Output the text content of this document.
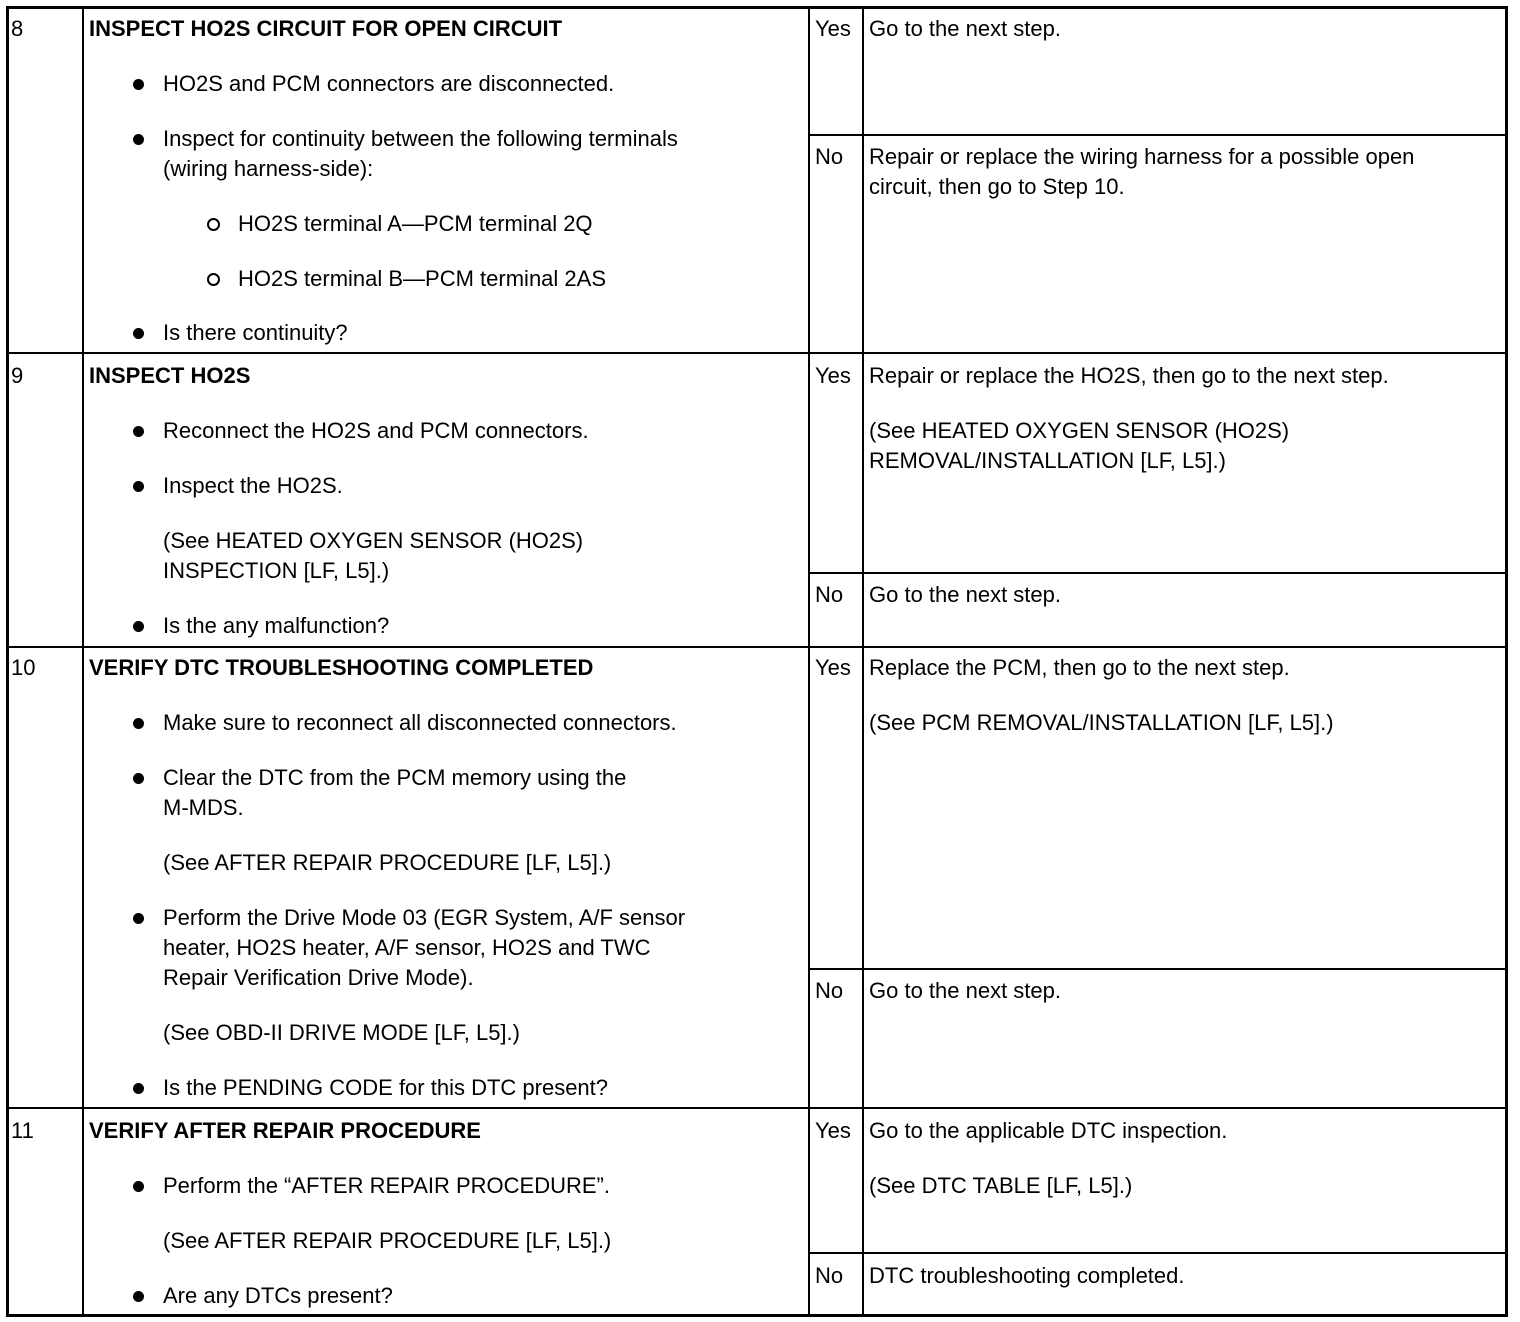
8	INSPECT HO2S CIRCUIT FOR OPEN CIRCUIT
HO2S and PCM connectors are disconnected.
Inspect for continuity between the following terminals
(wiring harness-side):
HO2S terminal A—PCM terminal 2Q
HO2S terminal B—PCM terminal 2AS
Is there continuity?
Yes Go to the next step.
No Repair or replace the wiring harness for a possible open
circuit, then go to Step 10.
9	INSPECT HO2S
Reconnect the HO2S and PCM connectors.
Inspect the HO2S.
(See HEATED OXYGEN SENSOR (HO2S)
INSPECTION [LF, L5].)
Is the any malfunction?
Yes Repair or replace the HO2S, then go to the next step.
(See HEATED OXYGEN SENSOR (HO2S)
REMOVAL/INSTALLATION [LF, L5].)
No Go to the next step.
10 VERIFY DTC TROUBLESHOOTING COMPLETED
Make sure to reconnect all disconnected connectors.
Clear the DTC from the PCM memory using the
M-MDS.
(See AFTER REPAIR PROCEDURE [LF, L5].)
Perform the Drive Mode 03 (EGR System, A/F sensor
heater, HO2S heater, A/F sensor, HO2S and TWC
Repair Verification Drive Mode).
(See OBD-II DRIVE MODE [LF, L5].)
Is the PENDING CODE for this DTC present?
Yes Replace the PCM, then go to the next step.
(See PCM REMOVAL/INSTALLATION [LF, L5].)
No Go to the next step.
11	VERIFY AFTER REPAIR PROCEDURE
Perform the “AFTER REPAIR PROCEDURE”.
(See AFTER REPAIR PROCEDURE [LF, L5].)
Are any DTCs present?
Yes Go to the applicable DTC inspection.
(See DTC TABLE [LF, L5].)
No DTC troubleshooting completed.
